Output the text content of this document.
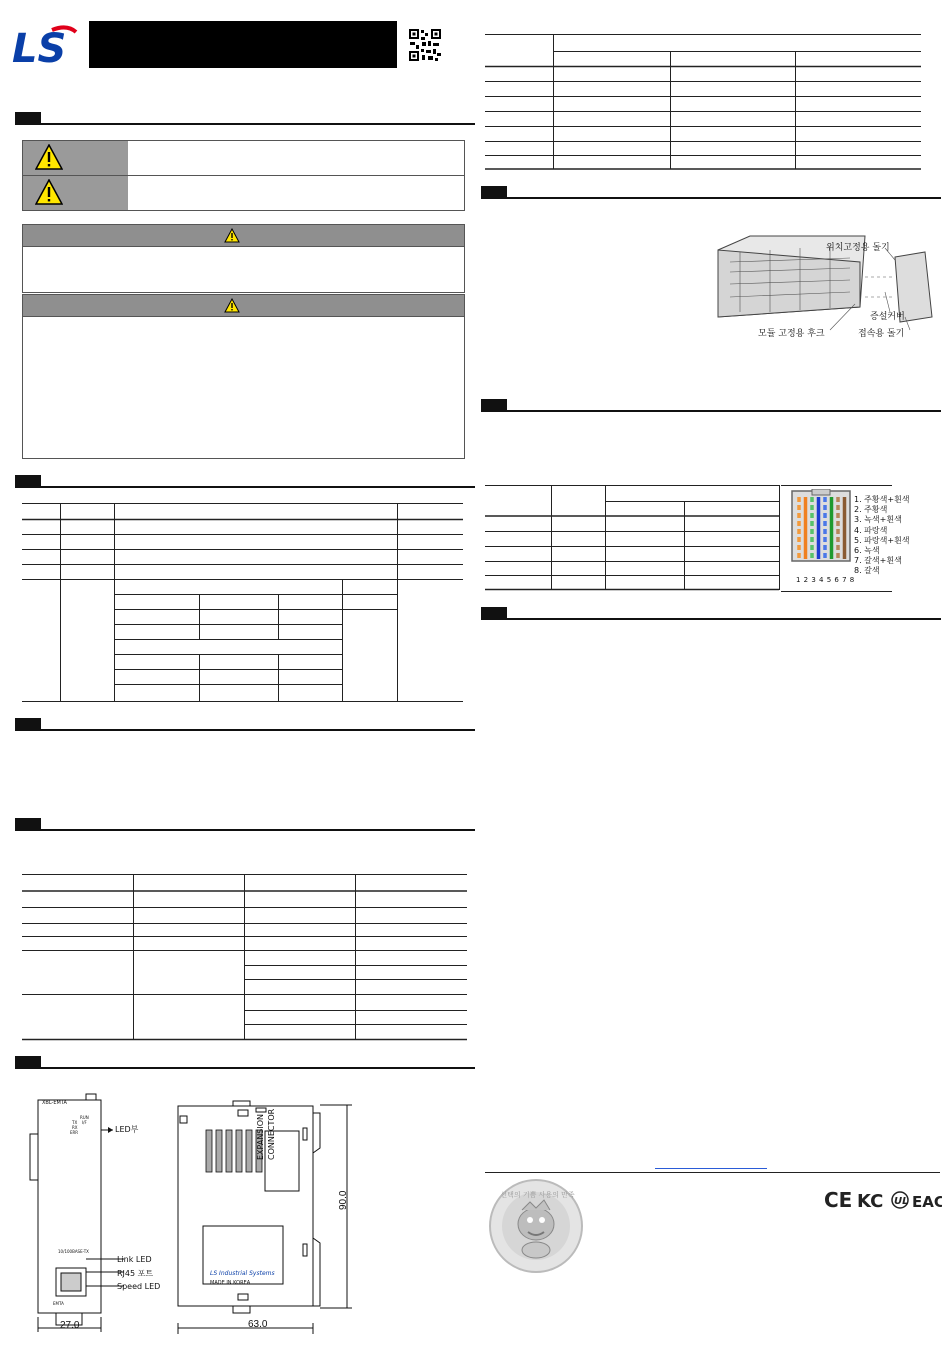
LS
XBL-EMTA
RUN
TX I/F
RX
ERR	LED부
10/100BASE-TX
Link LED
RJ45 포트
Speed LED
EMTA
27.0
EXPANSION CONNECTOR
LS Industrial Systems
MADE IN KOREA
63.0
90.0
위치고정용 돌기
증설커버
모듈 고정용 후크	접속용 돌기
1 2 3 4 5 6 7 8
1. 주황색+흰색
2. 주황색
3. 녹색+흰색
4. 파랑색
5. 파랑색+흰색
6. 녹색
7. 갈색+흰색
8. 갈색
선택의 기쁨 사용의 만족	CE KC UL EAC
